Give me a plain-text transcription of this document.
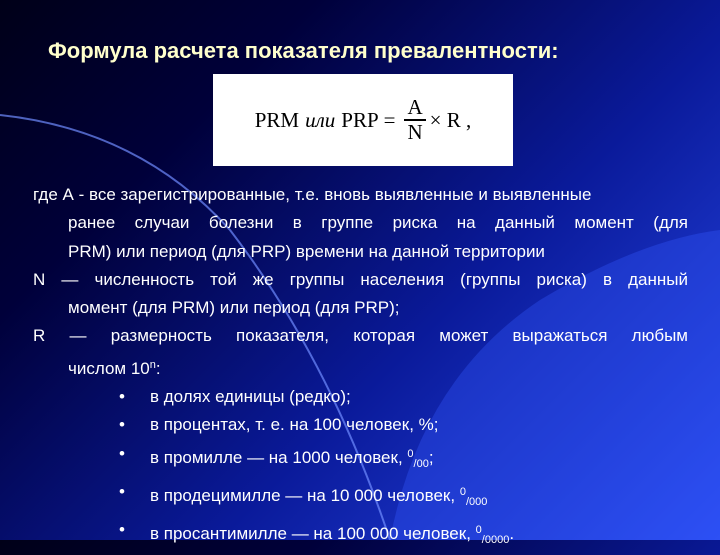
Формула расчета показателя превалентности:
PRM или PRP = $\frac{A}{N} \times R$ ,
где А - все зарегистрированные, т.е. вновь выявленные и выявленные
ранее случаи болезни в группе риска на данный момент (для
PRM) или период (для PRP) времени на данной территории
N — численность той же группы населения (группы риска) в данный
момент (для PRM) или период (для PRP);
R — размерность показателя, которая может выражаться любым
числом 10$^n$:
• в долях единицы (редко);
• в процентах, т. е. на 100 человек, %;
• в промилле — на 1000 человек, $^0_{/00}$;
• в продецимилле — на 10 000 человек, $^0_{/000}$
• в просантимилле — на 100 000 человек, $^0_{/0000}$.
